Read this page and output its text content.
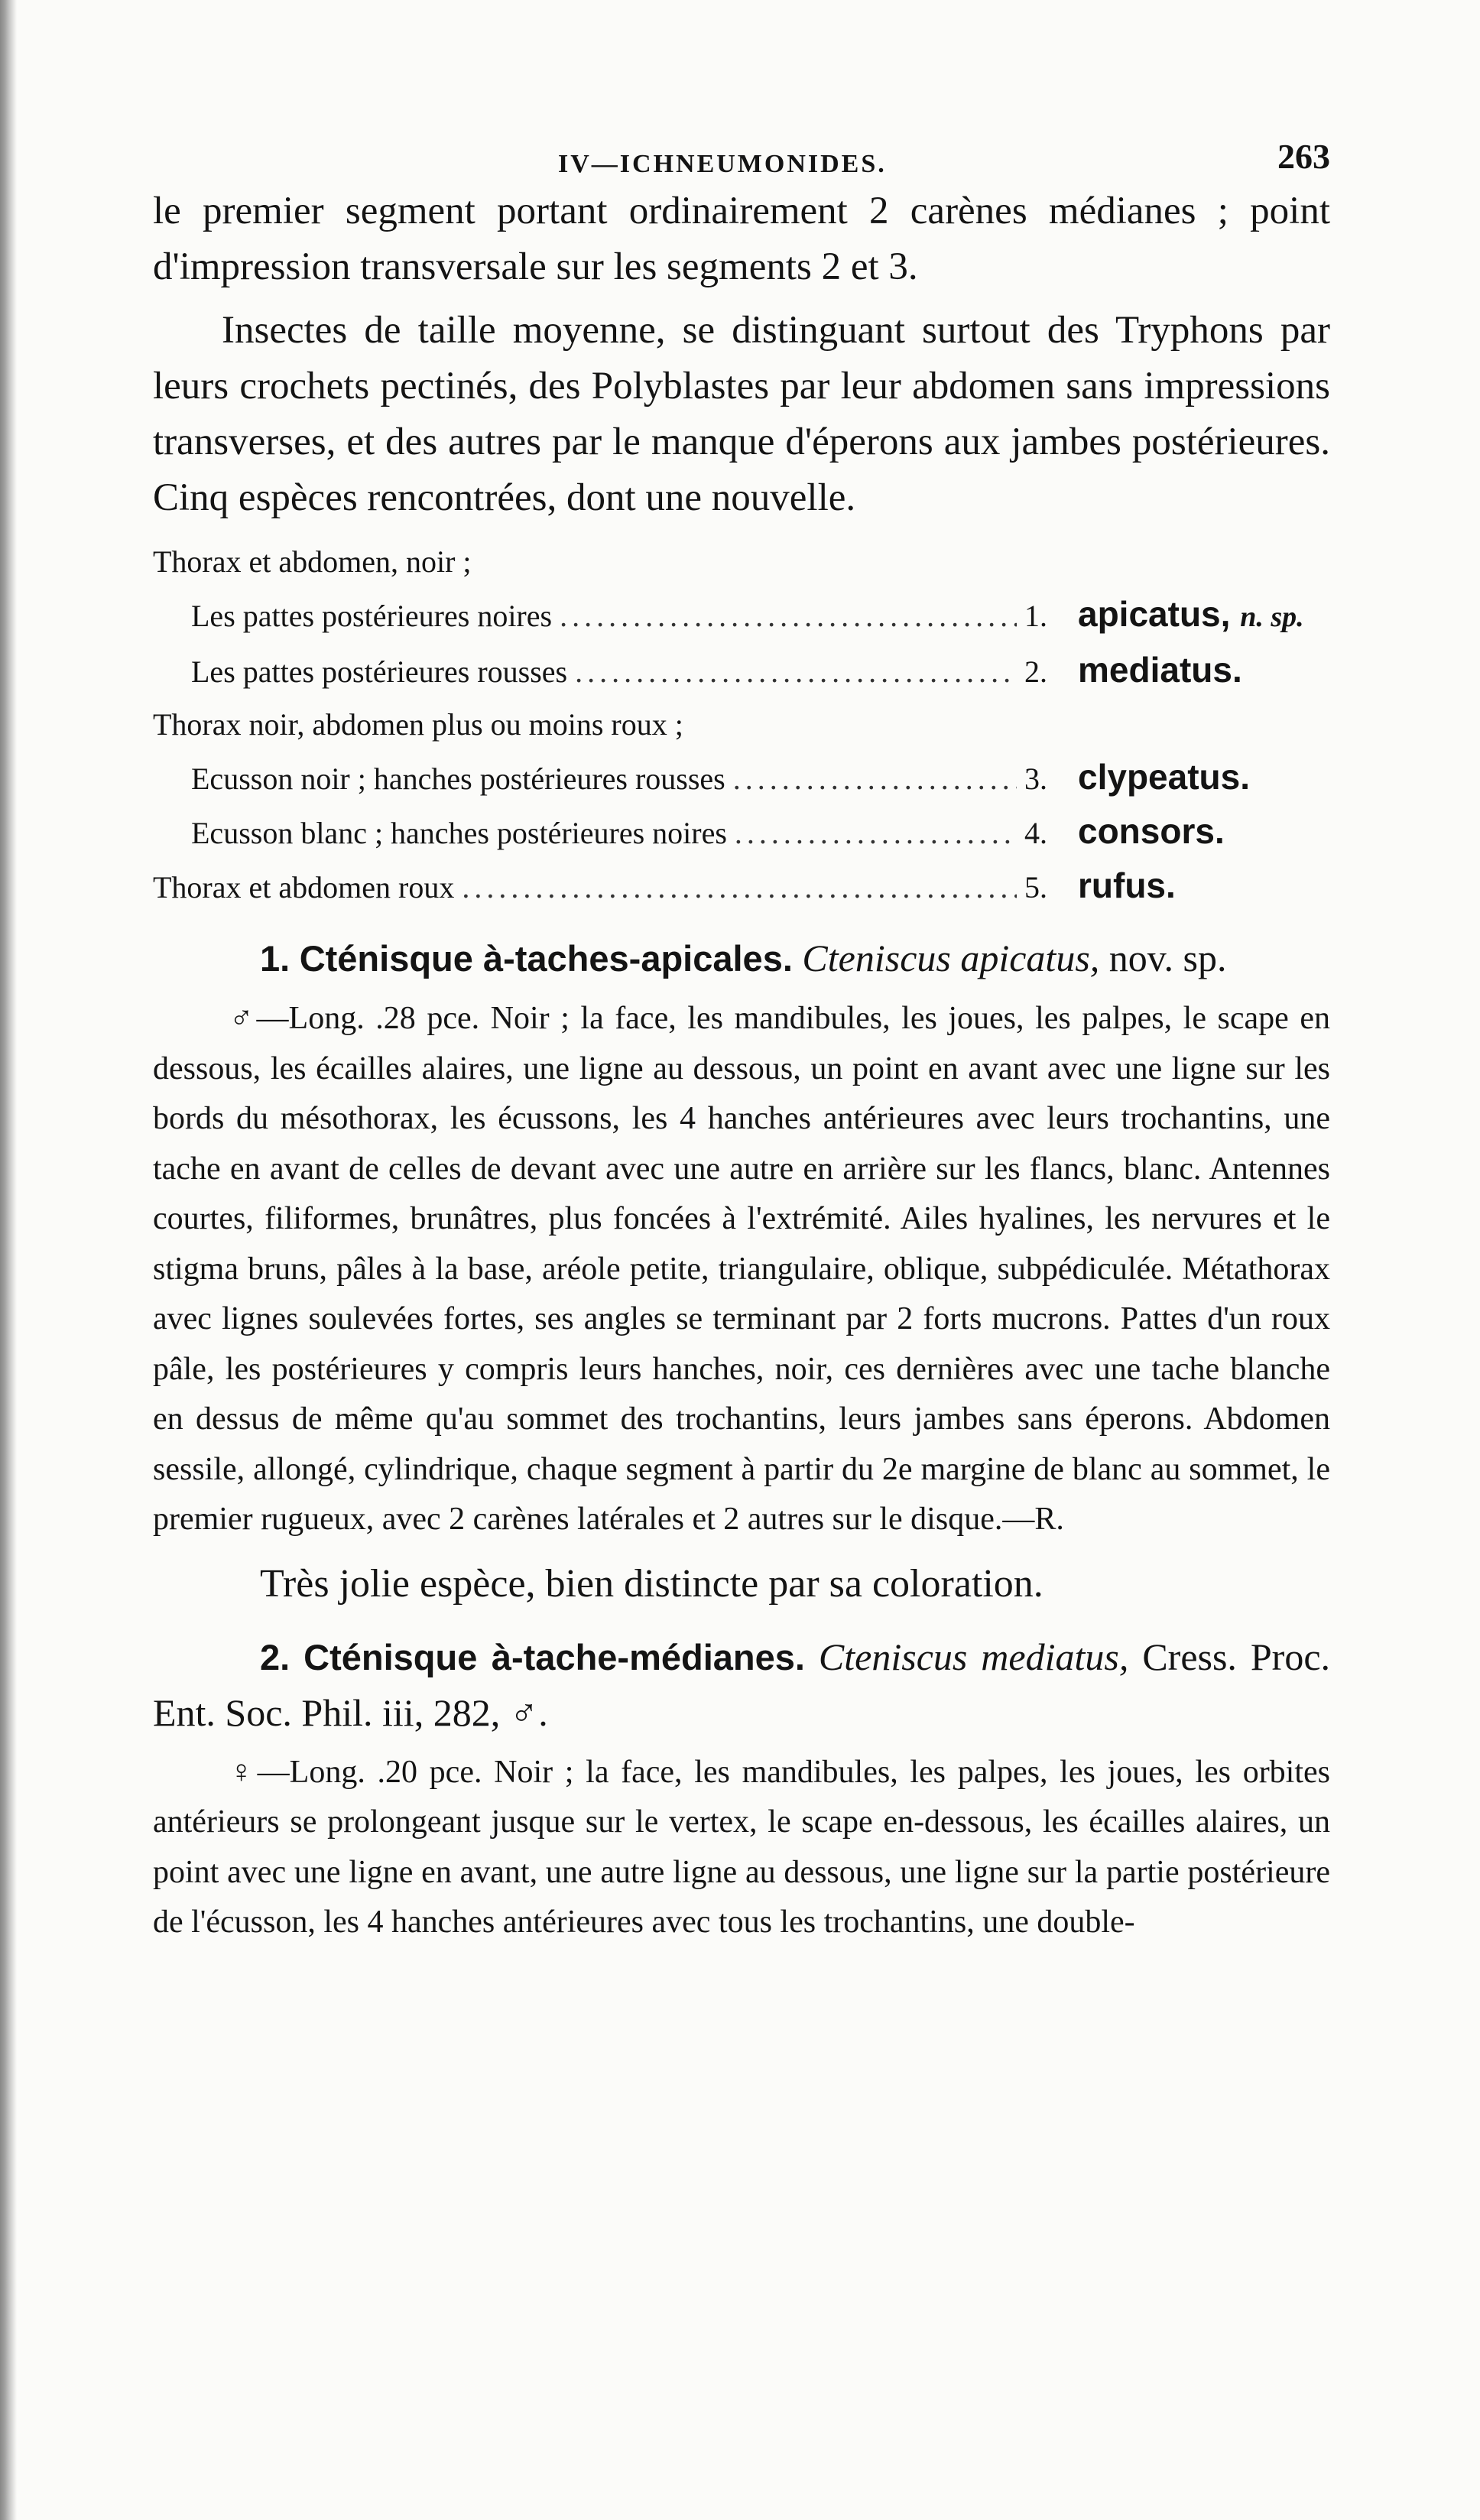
IV—ICHNEUMONIDES.	263

le premier segment portant ordinairement 2 carènes médianes ; point d'impression transversale sur les segments 2 et 3.

Insectes de taille moyenne, se distinguant surtout des Tryphons par leurs crochets pectinés, des Polyblastes par leur abdomen sans impressions transverses, et des autres par le manque d'éperons aux jambes postérieures. Cinq espèces rencontrées, dont une nouvelle.

Thorax et abdomen, noir ;
Les pattes postérieures noires .....	1. apicatus, n. sp.
Les pattes postérieures rousses .....	2. mediatus.
Thorax noir, abdomen plus ou moins roux ;
Ecusson noir ; hanches postérieures rousses .....	3. clypeatus.
Ecusson blanc ; hanches postérieures noires .....	4. consors.
Thorax et abdomen roux .....	5. rufus.

1. Cténisque à-taches-apicales. Cteniscus apicatus, nov. sp.

♂—Long. .28 pce. Noir ; la face, les mandibules, les joues, les palpes, le scape en dessous, les écailles alaires, une ligne au dessous, un point en avant avec une ligne sur les bords du mésothorax, les écussons, les 4 hanches antérieures avec leurs trochantins, une tache en avant de celles de devant avec une autre en arrière sur les flancs, blanc. Antennes courtes, filiformes, brunâtres, plus foncées à l'extrémité. Ailes hyalines, les nervures et le stigma bruns, pâles à la base, aréole petite, triangulaire, oblique, subpédiculée. Métathorax avec lignes soulevées fortes, ses angles se terminant par 2 forts mucrons. Pattes d'un roux pâle, les postérieures y compris leurs hanches, noir, ces dernières avec une tache blanche en dessus de même qu'au sommet des trochantins, leurs jambes sans éperons. Abdomen sessile, allongé, cylindrique, chaque segment à partir du 2e margine de blanc au sommet, le premier rugueux, avec 2 carènes latérales et 2 autres sur le disque.—R.

Très jolie espèce, bien distincte par sa coloration.

2. Cténisque à-tache-médianes. Cteniscus mediatus, Cress. Proc. Ent. Soc. Phil. iii, 282, ♂.

♀—Long. .20 pce. Noir ; la face, les mandibules, les palpes, les joues, les orbites antérieurs se prolongeant jusque sur le vertex, le scape en-dessous, les écailles alaires, un point avec une ligne en avant, une autre ligne au dessous, une ligne sur la partie postérieure de l'écusson, les 4 hanches antérieures avec tous les trochantins, une double-
